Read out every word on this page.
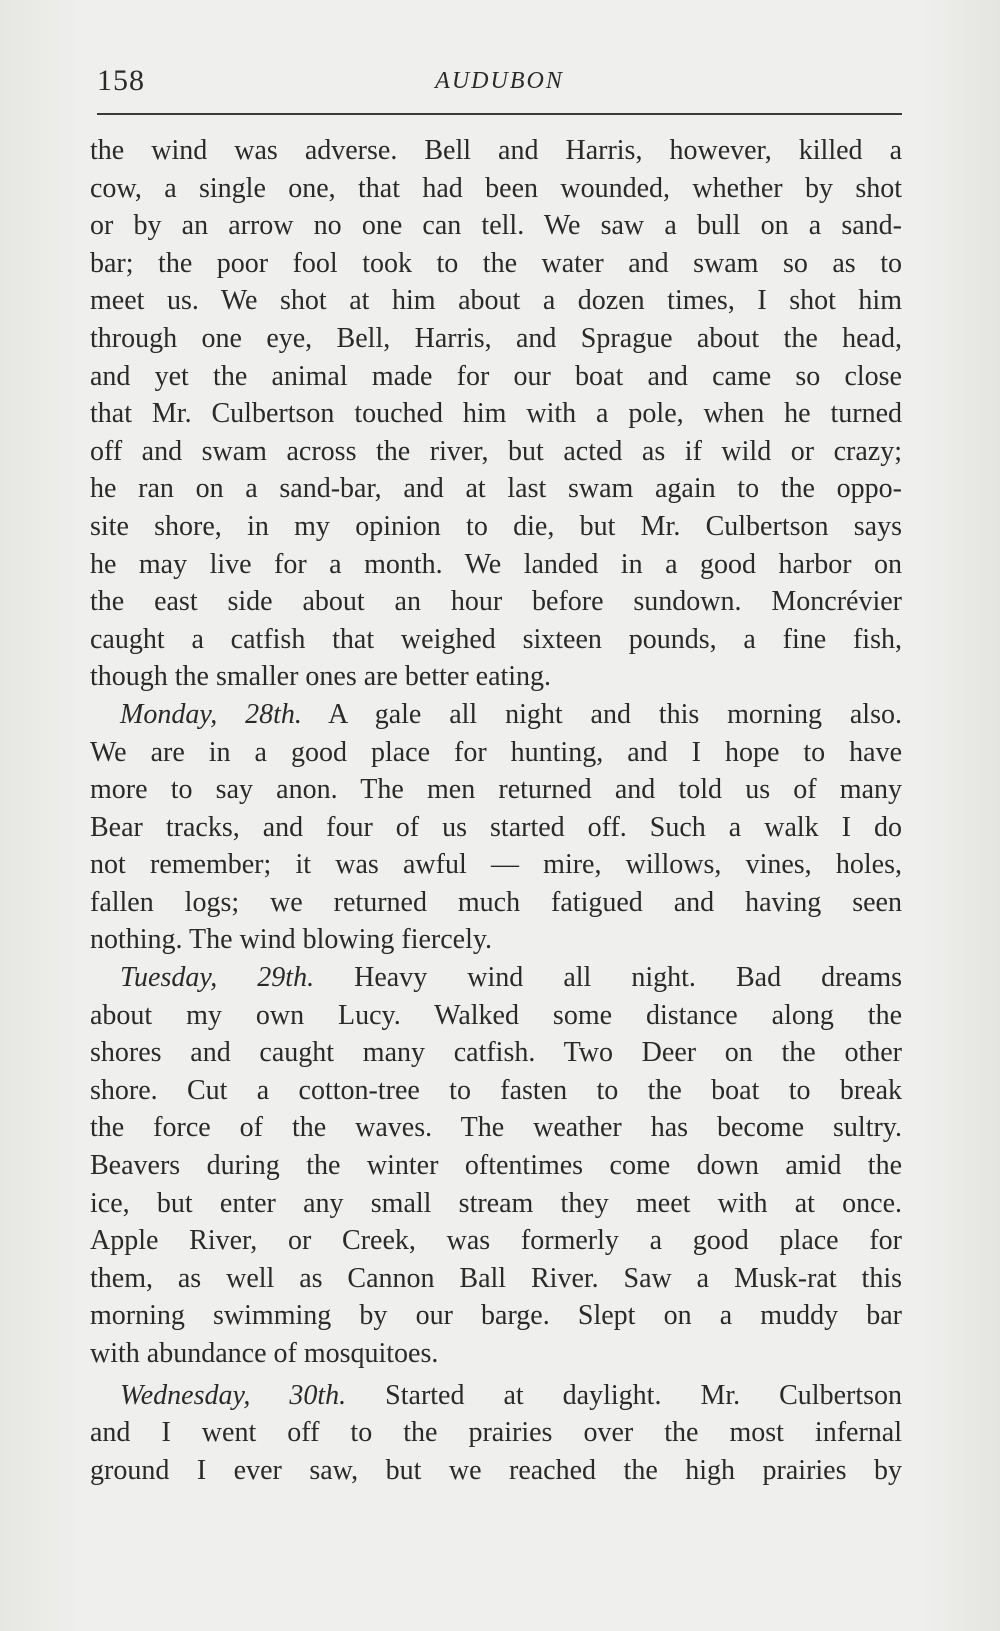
158	AUDUBON
the wind was adverse. Bell and Harris, however, killed a
cow, a single one, that had been wounded, whether by shot
or by an arrow no one can tell. We saw a bull on a sand-
bar; the poor fool took to the water and swam so as to
meet us. We shot at him about a dozen times, I shot him
through one eye, Bell, Harris, and Sprague about the head,
and yet the animal made for our boat and came so close
that Mr. Culbertson touched him with a pole, when he turned
off and swam across the river, but acted as if wild or crazy;
he ran on a sand-bar, and at last swam again to the oppo-
site shore, in my opinion to die, but Mr. Culbertson says
he may live for a month. We landed in a good harbor on
the east side about an hour before sundown. Moncrévier
caught a catfish that weighed sixteen pounds, a fine fish,
though the smaller ones are better eating.
Monday, 28th. A gale all night and this morning also.
We are in a good place for hunting, and I hope to have
more to say anon. The men returned and told us of many
Bear tracks, and four of us started off. Such a walk I do
not remember; it was awful — mire, willows, vines, holes,
fallen logs; we returned much fatigued and having seen
nothing. The wind blowing fiercely.
Tuesday, 29th. Heavy wind all night. Bad dreams
about my own Lucy. Walked some distance along the
shores and caught many catfish. Two Deer on the other
shore. Cut a cotton-tree to fasten to the boat to break
the force of the waves. The weather has become sultry.
Beavers during the winter oftentimes come down amid the
ice, but enter any small stream they meet with at once.
Apple River, or Creek, was formerly a good place for
them, as well as Cannon Ball River. Saw a Musk-rat this
morning swimming by our barge. Slept on a muddy bar
with abundance of mosquitoes.
Wednesday, 30th. Started at daylight. Mr. Culbertson
and I went off to the prairies over the most infernal
ground I ever saw, but we reached the high prairies by
